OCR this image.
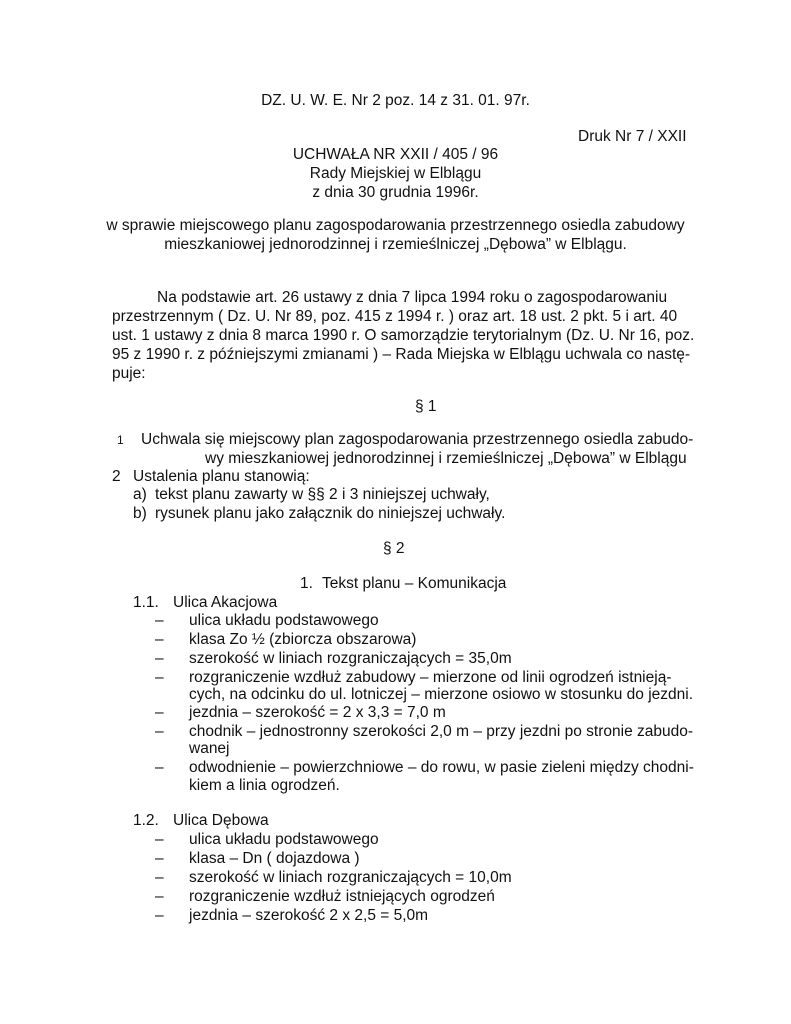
DZ. U. W. E. Nr 2 poz. 14 z 31. 01. 97r.
Druk Nr 7 / XXII
UCHWAŁA NR XXII / 405 / 96
Rady Miejskiej w Elblągu
z dnia 30 grudnia 1996r.
w sprawie miejscowego planu zagospodarowania przestrzennego osiedla zabudowy
mieszkaniowej jednorodzinnej i rzemieślniczej „Dębowa” w Elblągu.
Na podstawie art. 26 ustawy z dnia 7 lipca 1994 roku o zagospodarowaniu
przestrzennym ( Dz. U. Nr 89, poz. 415 z 1994 r. ) oraz art. 18 ust. 2 pkt. 5 i art. 40
ust. 1 ustawy z dnia 8 marca 1990 r. O samorządzie terytorialnym (Dz. U. Nr 16, poz.
95 z 1990 r. z późniejszymi zmianami ) – Rada Miejska w Elblągu uchwala co nastę-
puje:
§ 1
1 Uchwala się miejscowy plan zagospodarowania przestrzennego osiedla zabudo-
wy mieszkaniowej jednorodzinnej i rzemieślniczej „Dębowa” w Elblągu
2 Ustalenia planu stanowią:
a) tekst planu zawarty w §§ 2 i 3 niniejszej uchwały,
b) rysunek planu jako załącznik do niniejszej uchwały.
§ 2
1. Tekst planu – Komunikacja
1.1. Ulica Akacjowa
–	ulica układu podstawowego
–	klasa Zo ½ (zbiorcza obszarowa)
–	szerokość w liniach rozgraniczających = 35,0m
–	rozgraniczenie wzdłuż zabudowy – mierzone od linii ogrodzeń istnieją-
cych, na odcinku do ul. lotniczej – mierzone osiowo w stosunku do jezdni.
–	jezdnia – szerokość = 2 x 3,3 = 7,0 m
–	chodnik – jednostronny szerokości 2,0 m – przy jezdni po stronie zabudo-
wanej
–	odwodnienie – powierzchniowe – do rowu, w pasie zieleni między chodni-
kiem a linia ogrodzeń.
1.2. Ulica Dębowa
–	ulica układu podstawowego
–	klasa – Dn ( dojazdowa )
–	szerokość w liniach rozgraniczających = 10,0m
–	rozgraniczenie wzdłuż istniejących ogrodzeń
–	jezdnia – szerokość 2 x 2,5 = 5,0m
